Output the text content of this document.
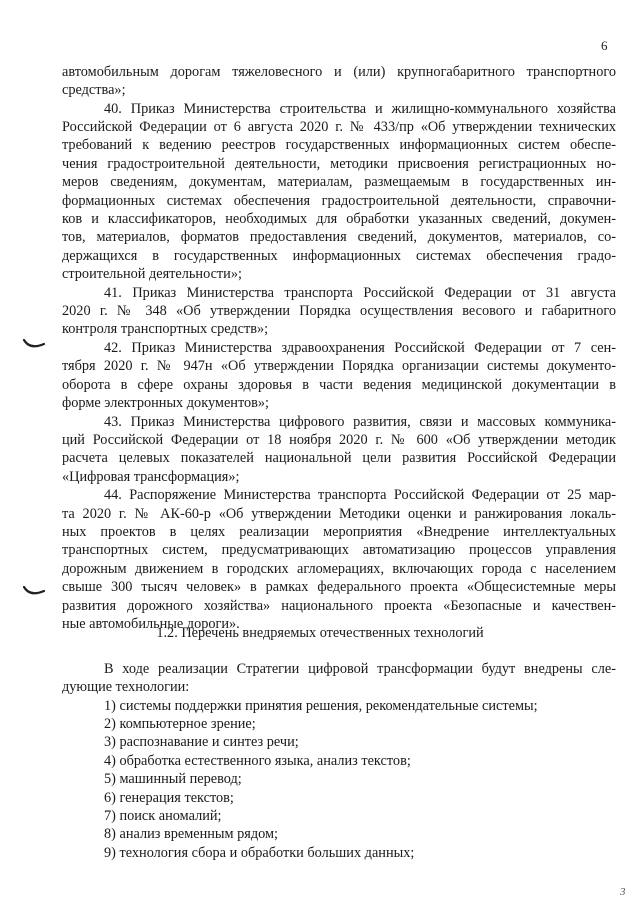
6
автомобильным дорогам тяжеловесного и (или) крупногабаритного транспортного
средства»;
40. Приказ Министерства строительства и жилищно-коммунального хозяйства
Российской Федерации от 6 августа 2020 г. № 433/пр «Об утверждении технических
требований к ведению реестров государственных информационных систем обеспе-
чения градостроительной деятельности, методики присвоения регистрационных но-
меров сведениям, документам, материалам, размещаемым в государственных ин-
формационных системах обеспечения градостроительной деятельности, справочни-
ков и классификаторов, необходимых для обработки указанных сведений, докумен-
тов, материалов, форматов предоставления сведений, документов, материалов, со-
держащихся в государственных информационных системах обеспечения градо-
строительной деятельности»;
41. Приказ Министерства транспорта Российской Федерации от 31 августа
2020 г. № 348 «Об утверждении Порядка осуществления весового и габаритного
контроля транспортных средств»;
42. Приказ Министерства здравоохранения Российской Федерации от 7 сен-
тября 2020 г. № 947н «Об утверждении Порядка организации системы документо-
оборота в сфере охраны здоровья в части ведения медицинской документации в
форме электронных документов»;
43. Приказ Министерства цифрового развития, связи и массовых коммуника-
ций Российской Федерации от 18 ноября 2020 г. № 600 «Об утверждении методик
расчета целевых показателей национальной цели развития Российской Федерации
«Цифровая трансформация»;
44. Распоряжение Министерства транспорта Российской Федерации от 25 мар-
та 2020 г. № АК-60-р «Об утверждении Методики оценки и ранжирования локаль-
ных проектов в целях реализации мероприятия «Внедрение интеллектуальных
транспортных систем, предусматривающих автоматизацию процессов управления
дорожным движением в городских агломерациях, включающих города с населением
свыше 300 тысяч человек» в рамках федерального проекта «Общесистемные меры
развития дорожного хозяйства» национального проекта «Безопасные и качествен-
ные автомобильные дороги».
1.2. Перечень внедряемых отечественных технологий
В ходе реализации Стратегии цифровой трансформации будут внедрены сле-
дующие технологии:
1) системы поддержки принятия решения, рекомендательные системы;
2) компьютерное зрение;
3) распознавание и синтез речи;
4) обработка естественного языка, анализ текстов;
5) машинный перевод;
6) генерация текстов;
7) поиск аномалий;
8) анализ временным рядом;
9) технология сбора и обработки больших данных;
3
